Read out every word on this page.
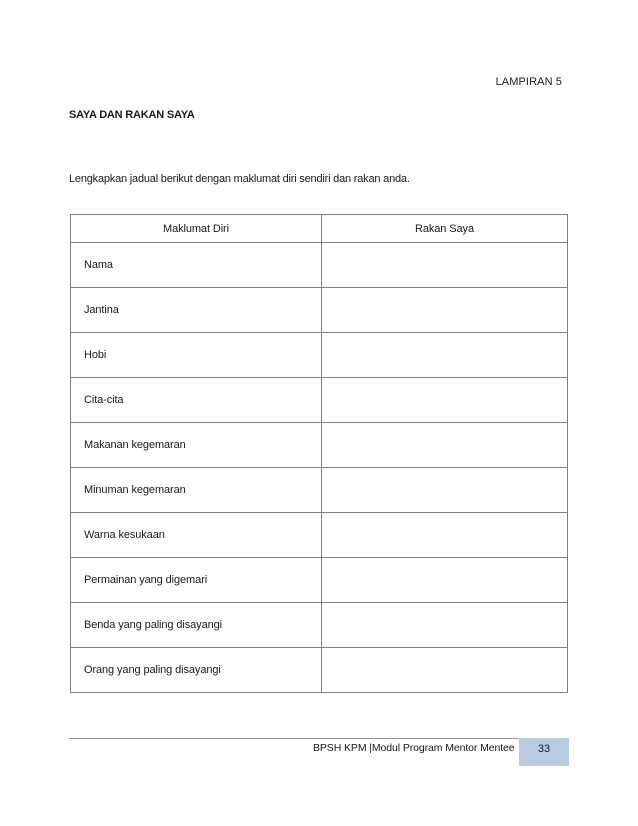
LAMPIRAN 5
SAYA DAN RAKAN SAYA
Lengkapkan jadual berikut dengan maklumat diri sendiri dan rakan anda.
Maklumat Diri	Rakan Saya
Nama	
Jantina	
Hobi	
Cita-cita	
Makanan kegemaran	
Minuman kegemaran	
Warna kesukaan	
Permainan yang digemari	
Benda yang paling disayangi	
Orang yang paling disayangi	
BPSH KPM |Modul Program Mentor Mentee	33
